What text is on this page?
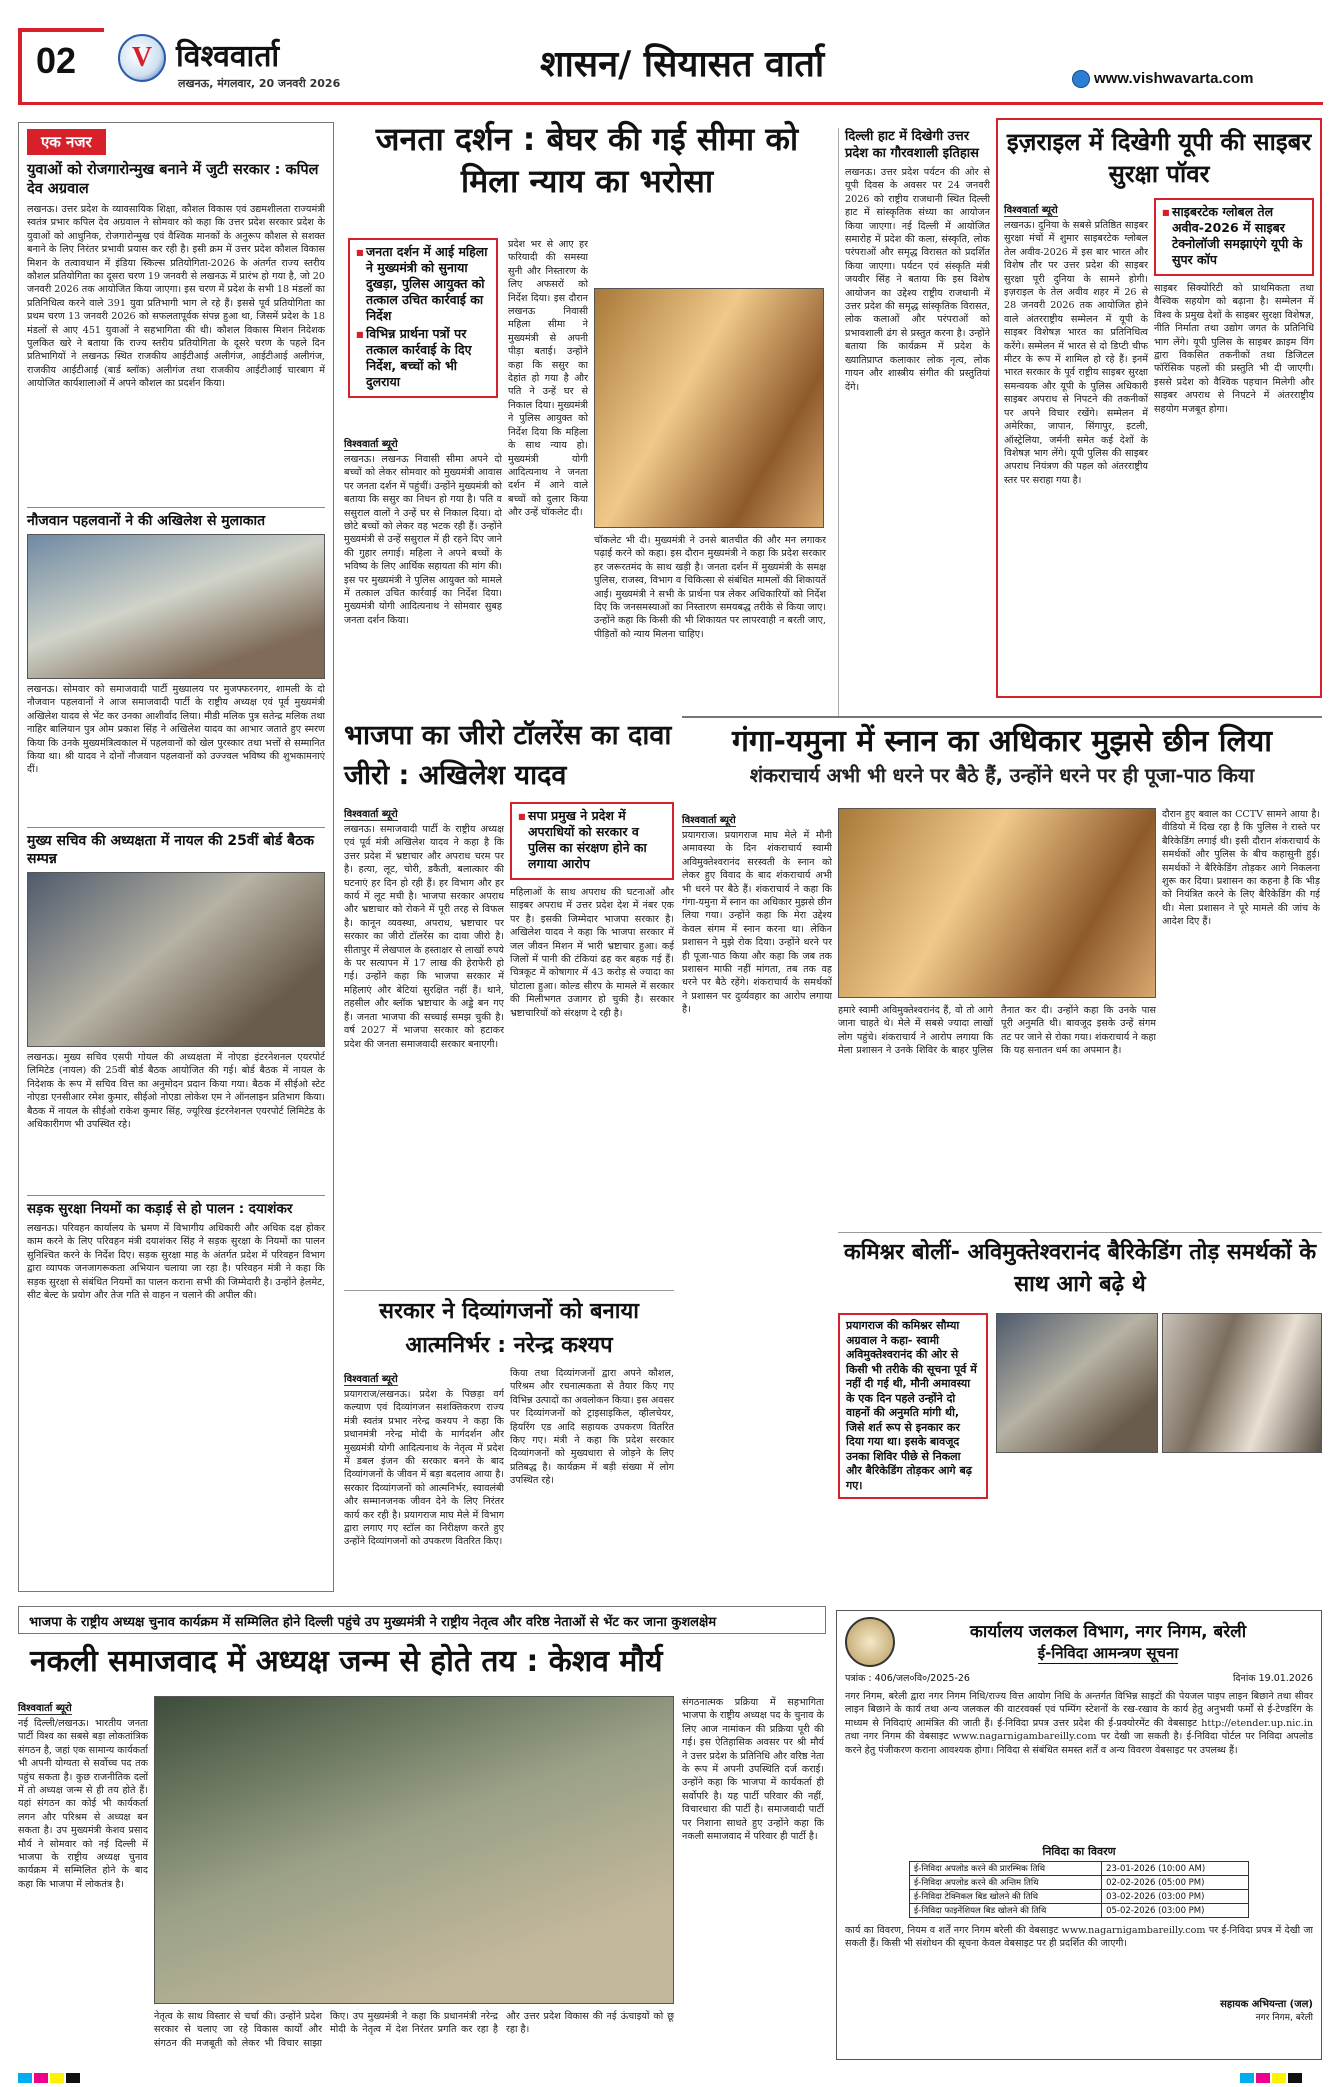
02 V विश्ववार्ता
लखनऊ, मंगलवार, 20 जनवरी 2026	शासन/ सियासत वार्ता	www.vishwavarta.com
एक नजर
युवाओं को रोजगारोन्मुख बनाने में जुटी सरकार : कपिल देव अग्रवाल
लखनऊ। उत्तर प्रदेश के व्यावसायिक शिक्षा, कौशल विकास एवं उद्यमशीलता राज्यमंत्री स्वतंत्र प्रभार कपिल देव अग्रवाल ने सोमवार को कहा कि उत्तर प्रदेश सरकार प्रदेश के युवाओं को आधुनिक, रोजगारोन्मुख एवं वैश्विक मानकों के अनुरूप कौशल से सशक्त बनाने के लिए निरंतर प्रभावी प्रयास कर रही है। इसी क्रम में उत्तर प्रदेश कौशल विकास मिशन के तत्वावधान में इंडिया स्किल्स प्रतियोगिता-2026 के अंतर्गत राज्य स्तरीय कौशल प्रतियोगिता का दूसरा चरण 19 जनवरी से लखनऊ में प्रारंभ हो गया है, जो 20 जनवरी 2026 तक आयोजित किया जाएगा। इस चरण में प्रदेश के सभी 18 मंडलों का प्रतिनिधित्व करने वाले 391 युवा प्रतिभागी भाग ले रहे हैं। इससे पूर्व प्रतियोगिता का प्रथम चरण 13 जनवरी 2026 को सफलतापूर्वक संपन्न हुआ था, जिसमें प्रदेश के 18 मंडलों से आए 451 युवाओं ने सहभागिता की थी। कौशल विकास मिशन निदेशक पुलकित खरे ने बताया कि राज्य स्तरीय प्रतियोगिता के दूसरे चरण के पहले दिन प्रतिभागियों ने लखनऊ स्थित राजकीय आईटीआई अलीगंज, आईटीआई अलीगंज, राजकीय आईटीआई (बार्ड ब्लॉक) अलीगंज तथा राजकीय आईटीआई चारबाग में आयोजित कार्यशालाओं में अपने कौशल का प्रदर्शन किया।
नौजवान पहलवानों ने की अखिलेश से मुलाकात
लखनऊ। सोमवार को समाजवादी पार्टी मुख्यालय पर मुजफ्फरनगर, शामली के दो नौजवान पहलवानों ने आज समाजवादी पार्टी के राष्ट्रीय अध्यक्ष एवं पूर्व मुख्यमंत्री अखिलेश यादव से भेंट कर उनका आशीर्वाद लिया। मीडी मलिक पुत्र सतेन्द्र मलिक तथा नाहिर बालियान पुत्र ओम प्रकाश सिंह ने अखिलेश यादव का आभार जताते हुए स्मरण किया कि उनके मुख्यमंत्रित्वकाल में पहलवानों को खेल पुरस्कार तथा भत्तों से सम्मानित किया था। श्री यादव ने दोनों नौजवान पहलवानों को उज्ज्वल भविष्य की शुभकामनाएं दीं।
मुख्य सचिव की अध्यक्षता में नायल की 25वीं बोर्ड बैठक सम्पन्न
लखनऊ। मुख्य सचिव एसपी गोयल की अध्यक्षता में नोएडा इंटरनेशनल एयरपोर्ट लिमिटेड (नायल) की 25वीं बोर्ड बैठक आयोजित की गई। बोर्ड बैठक में नायल के निदेशक के रूप में सचिव वित्त का अनुमोदन प्रदान किया गया। बैठक में सीईओ स्टेट नोएडा एनसीआर रमेश कुमार, सीईओ नोएडा लोकेश एम ने ऑनलाइन प्रतिभाग किया। बैठक में नायल के सीईओ राकेश कुमार सिंह, ज्यूरिख इंटरनेशनल एयरपोर्ट लिमिटेड के अधिकारीगण भी उपस्थित रहे।
सड़क सुरक्षा नियमों का कड़ाई से हो पालन : दयाशंकर
लखनऊ। परिवहन कार्यालय के भ्रमण में विभागीय अधिकारी और अधिक दक्ष होकर काम करने के लिए परिवहन मंत्री दयाशंकर सिंह ने सड़क सुरक्षा के नियमों का पालन सुनिश्चित करने के निर्देश दिए। सड़क सुरक्षा माह के अंतर्गत प्रदेश में परिवहन विभाग द्वारा व्यापक जनजागरूकता अभियान चलाया जा रहा है। परिवहन मंत्री ने कहा कि सड़क सुरक्षा से संबंधित नियमों का पालन कराना सभी की जिम्मेदारी है। उन्होंने हेलमेट, सीट बेल्ट के प्रयोग और तेज गति से वाहन न चलाने की अपील की।
जनता दर्शन : बेघर की गई सीमा को मिला न्याय का भरोसा
■ जनता दर्शन में आई महिला ने मुख्यमंत्री को सुनाया दुखड़ा, पुलिस आयुक्त को तत्काल उचित कार्रवाई का निर्देश
■ विभिन्न प्रार्थना पत्रों पर तत्काल कार्रवाई के दिए निर्देश, बच्चों को भी दुलराया
विश्ववार्ता ब्यूरो
लखनऊ। लखनऊ निवासी सीमा अपने दो बच्चों को लेकर सोमवार को मुख्यमंत्री आवास पर जनता दर्शन में पहुंचीं। उन्होंने मुख्यमंत्री को बताया कि ससुर का निधन हो गया है। पति व ससुराल वालों ने उन्हें घर से निकाल दिया। दो छोटे बच्चों को लेकर वह भटक रही हैं। उन्होंने मुख्यमंत्री से उन्हें ससुराल में ही रहने दिए जाने की गुहार लगाई। महिला ने अपने बच्चों के भविष्य के लिए आर्थिक सहायता की मांग की। इस पर मुख्यमंत्री ने पुलिस आयुक्त को मामले में तत्काल उचित कार्रवाई का निर्देश दिया। मुख्यमंत्री योगी आदित्यनाथ ने सोमवार सुबह जनता दर्शन किया।
प्रदेश भर से आए हर फरियादी की समस्या सुनी और निस्तारण के लिए अफसरों को निर्देश दिया। इस दौरान लखनऊ निवासी महिला सीमा ने मुख्यमंत्री से अपनी पीड़ा बताई। उन्होंने कहा कि ससुर का देहांत हो गया है और पति ने उन्हें घर से निकाल दिया। मुख्यमंत्री ने पुलिस आयुक्त को निर्देश दिया कि महिला के साथ न्याय हो। मुख्यमंत्री योगी आदित्यनाथ ने जनता दर्शन में आने वाले बच्चों को दुलार किया और उन्हें चॉकलेट दी।
चॉकलेट भी दी। मुख्यमंत्री ने उनसे बातचीत की और मन लगाकर पढ़ाई करने को कहा। इस दौरान मुख्यमंत्री ने कहा कि प्रदेश सरकार हर जरूरतमंद के साथ खड़ी है। जनता दर्शन में मुख्यमंत्री के समक्ष पुलिस, राजस्व, विभाग व चिकित्सा से संबंधित मामलों की शिकायतें आईं। मुख्यमंत्री ने सभी के प्रार्थना पत्र लेकर अधिकारियों को निर्देश दिए कि जनसमस्याओं का निस्तारण समयबद्ध तरीके से किया जाए। उन्होंने कहा कि किसी की भी शिकायत पर लापरवाही न बरती जाए, पीड़ितों को न्याय मिलना चाहिए।
दिल्ली हाट में दिखेगी उत्तर प्रदेश का गौरवशाली इतिहास
लखनऊ। उत्तर प्रदेश पर्यटन की ओर से यूपी दिवस के अवसर पर 24 जनवरी 2026 को राष्ट्रीय राजधानी स्थित दिल्ली हाट में सांस्कृतिक संध्या का आयोजन किया जाएगा। नई दिल्ली में आयोजित समारोह में प्रदेश की कला, संस्कृति, लोक परंपराओं और समृद्ध विरासत को प्रदर्शित किया जाएगा। पर्यटन एवं संस्कृति मंत्री जयवीर सिंह ने बताया कि इस विशेष आयोजन का उद्देश्य राष्ट्रीय राजधानी में उत्तर प्रदेश की समृद्ध सांस्कृतिक विरासत, लोक कलाओं और परंपराओं को प्रभावशाली ढंग से प्रस्तुत करना है। उन्होंने बताया कि कार्यक्रम में प्रदेश के ख्यातिप्राप्त कलाकार लोक नृत्य, लोक गायन और शास्त्रीय संगीत की प्रस्तुतियां देंगे।
इज़राइल में दिखेगी यूपी की साइबर सुरक्षा पॉवर
विश्ववार्ता ब्यूरो
लखनऊ। दुनिया के सबसे प्रतिष्ठित साइबर सुरक्षा मंचों में शुमार साइबरटेक ग्लोबल तेल अवीव-2026 में इस बार भारत और विशेष तौर पर उत्तर प्रदेश की साइबर सुरक्षा पूरी दुनिया के सामने होगी। इज़राइल के तेल अवीव शहर में 26 से 28 जनवरी 2026 तक आयोजित होने वाले अंतरराष्ट्रीय सम्मेलन में यूपी के साइबर विशेषज्ञ भारत का प्रतिनिधित्व करेंगे। सम्मेलन में भारत से दो डिप्टी चीफ मीटर के रूप में शामिल हो रहे हैं। इनमें भारत सरकार के पूर्व राष्ट्रीय साइबर सुरक्षा समन्वयक और यूपी के पुलिस अधिकारी साइबर अपराध से निपटने की तकनीकों पर अपने विचार रखेंगे। सम्मेलन में अमेरिका, जापान, सिंगापुर, इटली, ऑस्ट्रेलिया, जर्मनी समेत कई देशों के विशेषज्ञ भाग लेंगे। यूपी पुलिस की साइबर अपराध नियंत्रण की पहल को अंतरराष्ट्रीय स्तर पर सराहा गया है।
■ साइबरटेक ग्लोबल तेल अवीव-2026 में साइबर टेक्नोलॉजी समझाएंगे यूपी के सुपर कॉप
साइबर सिक्योरिटी को प्राथमिकता तथा वैश्विक सहयोग को बढ़ाना है। सम्मेलन में विश्व के प्रमुख देशों के साइबर सुरक्षा विशेषज्ञ, नीति निर्माता तथा उद्योग जगत के प्रतिनिधि भाग लेंगे। यूपी पुलिस के साइबर क्राइम विंग द्वारा विकसित तकनीकों तथा डिजिटल फॉरेंसिक पहलों की प्रस्तुति भी दी जाएगी। इससे प्रदेश को वैश्विक पहचान मिलेगी और साइबर अपराध से निपटने में अंतरराष्ट्रीय सहयोग मजबूत होगा।
भाजपा का जीरो टॉलरेंस का दावा जीरो : अखिलेश यादव
विश्ववार्ता ब्यूरो
लखनऊ। समाजवादी पार्टी के राष्ट्रीय अध्यक्ष एवं पूर्व मंत्री अखिलेश यादव ने कहा है कि उत्तर प्रदेश में भ्रष्टाचार और अपराध चरम पर है। हत्या, लूट, चोरी, डकैती, बलात्कार की घटनाएं हर दिन हो रही हैं। हर विभाग और हर कार्य में लूट मची है। भाजपा सरकार अपराध और भ्रष्टाचार को रोकने में पूरी तरह से विफल है। कानून व्यवस्था, अपराध, भ्रष्टाचार पर सरकार का जीरो टॉलरेंस का दावा जीरो है। सीतापुर में लेखपाल के हस्ताक्षर से लाखों रुपये के पर सत्यापन में 17 लाख की हेराफेरी हो गई। उन्होंने कहा कि भाजपा सरकार में महिलाएं और बेटियां सुरक्षित नहीं हैं। थाने, तहसील और ब्लॉक भ्रष्टाचार के अड्डे बन गए हैं। जनता भाजपा की सच्चाई समझ चुकी है। वर्ष 2027 में भाजपा सरकार को हटाकर प्रदेश की जनता समाजवादी सरकार बनाएगी।
■ सपा प्रमुख ने प्रदेश में अपराधियों को सरकार व पुलिस का संरक्षण होने का लगाया आरोप
महिलाओं के साथ अपराध की घटनाओं और साइबर अपराध में उत्तर प्रदेश देश में नंबर एक पर है। इसकी जिम्मेदार भाजपा सरकार है। अखिलेश यादव ने कहा कि भाजपा सरकार में जल जीवन मिशन में भारी भ्रष्टाचार हुआ। कई जिलों में पानी की टंकियां ढह कर बहक गई हैं। चित्रकूट में कोषागार में 43 करोड़ से ज्यादा का घोटाला हुआ। कोल्ड सीरप के मामले में सरकार की मिलीभगत उजागर हो चुकी है। सरकार भ्रष्टाचारियों को संरक्षण दे रही है।
सरकार ने दिव्यांगजनों को बनाया आत्मनिर्भर : नरेन्द्र कश्यप
विश्ववार्ता ब्यूरो
प्रयागराज/लखनऊ। प्रदेश के पिछड़ा वर्ग कल्याण एवं दिव्यांगजन सशक्तिकरण राज्य मंत्री स्वतंत्र प्रभार नरेन्द्र कश्यप ने कहा कि प्रधानमंत्री नरेन्द्र मोदी के मार्गदर्शन और मुख्यमंत्री योगी आदित्यनाथ के नेतृत्व में प्रदेश में डबल इंजन की सरकार बनने के बाद दिव्यांगजनों के जीवन में बड़ा बदलाव आया है। सरकार दिव्यांगजनों को आत्मनिर्भर, स्वावलंबी और सम्मानजनक जीवन देने के लिए निरंतर कार्य कर रही है। प्रयागराज माघ मेले में विभाग द्वारा लगाए गए स्टॉल का निरीक्षण करते हुए उन्होंने दिव्यांगजनों को उपकरण वितरित किए।
किया तथा दिव्यांगजनों द्वारा अपने कौशल, परिश्रम और रचनात्मकता से तैयार किए गए विभिन्न उत्पादों का अवलोकन किया। इस अवसर पर दिव्यांगजनों को ट्राइसाइकिल, व्हीलचेयर, हियरिंग एड आदि सहायक उपकरण वितरित किए गए। मंत्री ने कहा कि प्रदेश सरकार दिव्यांगजनों को मुख्यधारा से जोड़ने के लिए प्रतिबद्ध है। कार्यक्रम में बड़ी संख्या में लोग उपस्थित रहे।
गंगा-यमुना में स्नान का अधिकार मुझसे छीन लिया
शंकराचार्य अभी भी धरने पर बैठे हैं, उन्होंने धरने पर ही पूजा-पाठ किया
विश्ववार्ता ब्यूरो
प्रयागराज। प्रयागराज माघ मेले में मौनी अमावस्या के दिन शंकराचार्य स्वामी अविमुक्तेश्वरानंद सरस्वती के स्नान को लेकर हुए विवाद के बाद शंकराचार्य अभी भी धरने पर बैठे हैं। शंकराचार्य ने कहा कि गंगा-यमुना में स्नान का अधिकार मुझसे छीन लिया गया। उन्होंने कहा कि मेरा उद्देश्य केवल संगम में स्नान करना था। लेकिन प्रशासन ने मुझे रोक दिया। उन्होंने धरने पर ही पूजा-पाठ किया और कहा कि जब तक प्रशासन माफी नहीं मांगता, तब तक वह धरने पर बैठे रहेंगे। शंकराचार्य के समर्थकों ने प्रशासन पर दुर्व्यवहार का आरोप लगाया है।	हमारे स्वामी अविमुक्तेश्वरानंद हैं, वो तो आगे जाना चाहते थे। मेले में सबसे ज्यादा लाखों लोग पहुंचे। शंकराचार्य ने आरोप लगाया कि मेला प्रशासन ने उनके शिविर के बाहर पुलिस तैनात कर दी। उन्होंने कहा कि उनके पास पूरी अनुमति थी। बावजूद इसके उन्हें संगम तट पर जाने से रोका गया। शंकराचार्य ने कहा कि यह सनातन धर्म का अपमान है।
दौरान हुए बवाल का CCTV सामने आया है। वीडियो में दिख रहा है कि पुलिस ने रास्ते पर बैरिकेडिंग लगाई थी। इसी दौरान शंकराचार्य के समर्थकों और पुलिस के बीच कहासुनी हुई। समर्थकों ने बैरिकेडिंग तोड़कर आगे निकलना शुरू कर दिया। प्रशासन का कहना है कि भीड़ को नियंत्रित करने के लिए बैरिकेडिंग की गई थी। मेला प्रशासन ने पूरे मामले की जांच के आदेश दिए हैं।
कमिश्नर बोलीं- अविमुक्तेश्वरानंद बैरिकेडिंग तोड़ समर्थकों के साथ आगे बढ़े थे
प्रयागराज की कमिश्नर सौम्या अग्रवाल ने कहा- स्वामी अविमुक्तेश्वरानंद की ओर से किसी भी तरीके की सूचना पूर्व में नहीं दी गई थी, मौनी अमावस्या के एक दिन पहले उन्होंने दो वाहनों की अनुमति मांगी थी, जिसे शर्त रूप से इनकार कर दिया गया था। इसके बावजूद उनका शिविर पीछे से निकला और बैरिकेडिंग तोड़कर आगे बढ़ गए।
भाजपा के राष्ट्रीय अध्यक्ष चुनाव कार्यक्रम में सम्मिलित होने दिल्ली पहुंचे उप मुख्यमंत्री ने राष्ट्रीय नेतृत्व और वरिष्ठ नेताओं से भेंट कर जाना कुशलक्षेम
नकली समाजवाद में अध्यक्ष जन्म से होते तय : केशव मौर्य
विश्ववार्ता ब्यूरो
नई दिल्ली/लखनऊ। भारतीय जनता पार्टी विश्व का सबसे बड़ा लोकतांत्रिक संगठन है, जहां एक सामान्य कार्यकर्ता भी अपनी योग्यता से सर्वोच्च पद तक पहुंच सकता है। कुछ राजनीतिक दलों में तो अध्यक्ष जन्म से ही तय होते हैं। यहां संगठन का कोई भी कार्यकर्ता लगन और परिश्रम से अध्यक्ष बन सकता है। उप मुख्यमंत्री केशव प्रसाद मौर्य ने सोमवार को नई दिल्ली में भाजपा के राष्ट्रीय अध्यक्ष चुनाव कार्यक्रम में सम्मिलित होने के बाद कहा कि भाजपा में लोकतंत्र है।
नेतृत्व के साथ विस्तार से चर्चा की। उन्होंने प्रदेश सरकार से चलाए जा रहे विकास कार्यों और संगठन की मजबूती को लेकर भी विचार साझा किए। उप मुख्यमंत्री ने कहा कि प्रधानमंत्री नरेन्द्र मोदी के नेतृत्व में देश निरंतर प्रगति कर रहा है और उत्तर प्रदेश विकास की नई ऊंचाइयों को छू रहा है।
संगठनात्मक प्रक्रिया में सहभागिता भाजपा के राष्ट्रीय अध्यक्ष पद के चुनाव के लिए आज नामांकन की प्रक्रिया पूरी की गई। इस ऐतिहासिक अवसर पर श्री मौर्य ने उत्तर प्रदेश के प्रतिनिधि और वरिष्ठ नेता के रूप में अपनी उपस्थिति दर्ज कराई। उन्होंने कहा कि भाजपा में कार्यकर्ता ही सर्वोपरि है। यह पार्टी परिवार की नहीं, विचारधारा की पार्टी है। समाजवादी पार्टी पर निशाना साधते हुए उन्होंने कहा कि नकली समाजवाद में परिवार ही पार्टी है।
कार्यालय जलकल विभाग, नगर निगम, बरेली
ई-निविदा आमन्त्रण सूचना
पत्रांक : 406/जल०वि०/2025-26	दिनांक 19.01.2026
नगर निगम, बरेली द्वारा नगर निगम निधि/राज्य वित्त आयोग निधि के अन्तर्गत विभिन्न साइटों की पेयजल पाइप लाइन बिछाने तथा सीवर लाइन बिछाने के कार्य तथा अन्य जलकल की वाटरवर्क्स एवं पम्पिंग स्टेशनों के रख-रखाव के कार्य हेतु अनुभवी फर्मों से ई-टेण्डरिंग के माध्यम से निविदाएं आमंत्रित की जाती हैं। ई-निविदा प्रपत्र उत्तर प्रदेश की ई-प्रक्योरमेंट की वेबसाइट http://etender.up.nic.in तथा नगर निगम की वेबसाइट www.nagarnigambareilly.com पर देखी जा सकती है। ई-निविदा पोर्टल पर निविदा अपलोड करने हेतु पंजीकरण कराना आवश्यक होगा। निविदा से संबंधित समस्त शर्तें व अन्य विवरण वेबसाइट पर उपलब्ध हैं।
निविदा का विवरण
ई-निविदा अपलोड करने की प्रारम्भिक तिथि	23-01-2026 (10:00 AM)
ई-निविदा अपलोड करने की अन्तिम तिथि	02-02-2026 (05:00 PM)
ई-निविदा टेक्निकल बिड खोलने की तिथि	03-02-2026 (03:00 PM)
ई-निविदा फाइनेंशियल बिड खोलने की तिथि	05-02-2026 (03:00 PM)
कार्य का विवरण, नियम व शर्तें नगर निगम बरेली की वेबसाइट www.nagarnigambareilly.com पर ई-निविदा प्रपत्र में देखी जा सकती हैं। किसी भी संशोधन की सूचना केवल वेबसाइट पर ही प्रदर्शित की जाएगी।
सहायक अभियन्ता (जल)
नगर निगम, बरेली
